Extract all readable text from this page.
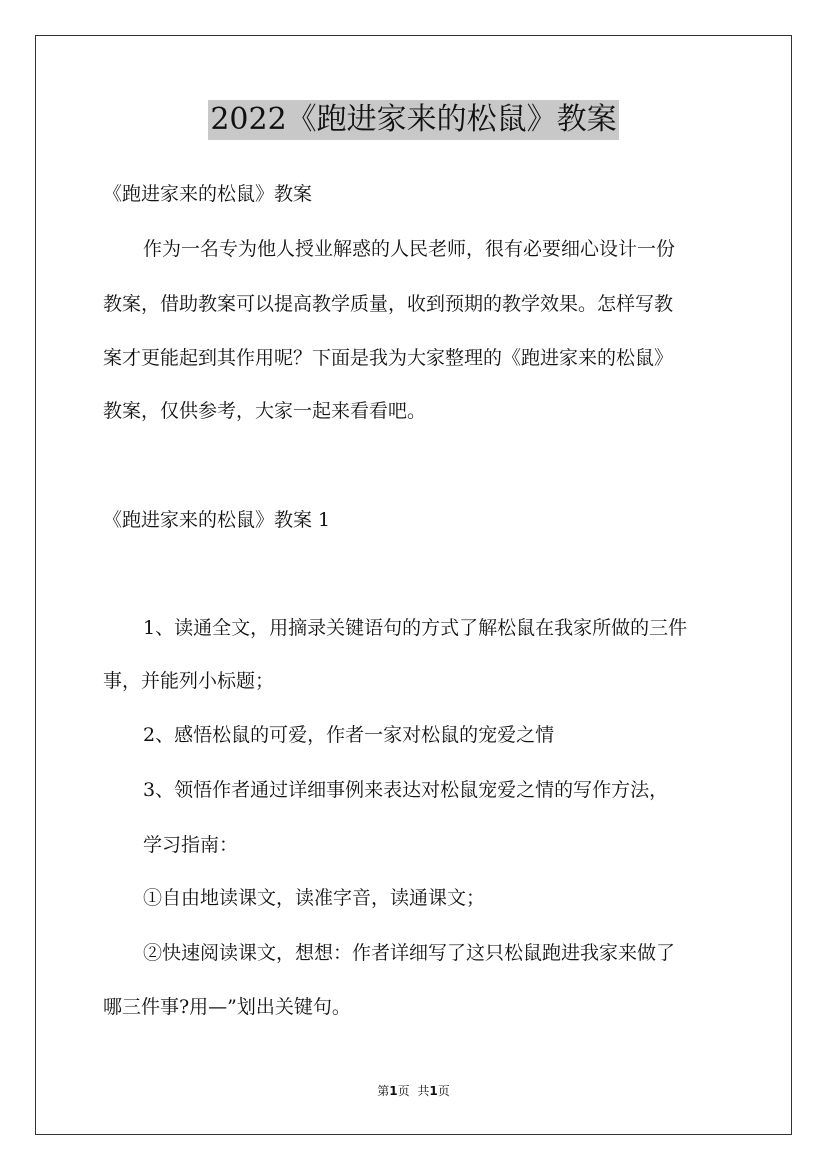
2022《跑进家来的松鼠》教案
《跑进家来的松鼠》教案
作为一名专为他人授业解惑的人民老师，很有必要细心设计一份
教案，借助教案可以提高教学质量，收到预期的教学效果。怎样写教
案才更能起到其作用呢？下面是我为大家整理的《跑进家来的松鼠》
教案，仅供参考，大家一起来看看吧。
《跑进家来的松鼠》教案 1
1、读通全文，用摘录关键语句的方式了解松鼠在我家所做的三件
事，并能列小标题；
2、感悟松鼠的可爱，作者一家对松鼠的宠爱之情
3、领悟作者通过详细事例来表达对松鼠宠爱之情的写作方法，
学习指南：
①自由地读课文，读准字音，读通课文；
②快速阅读课文，想想：作者详细写了这只松鼠跑进我家来做了
哪三件事?用—”划出关键句。
第1页 共1页
